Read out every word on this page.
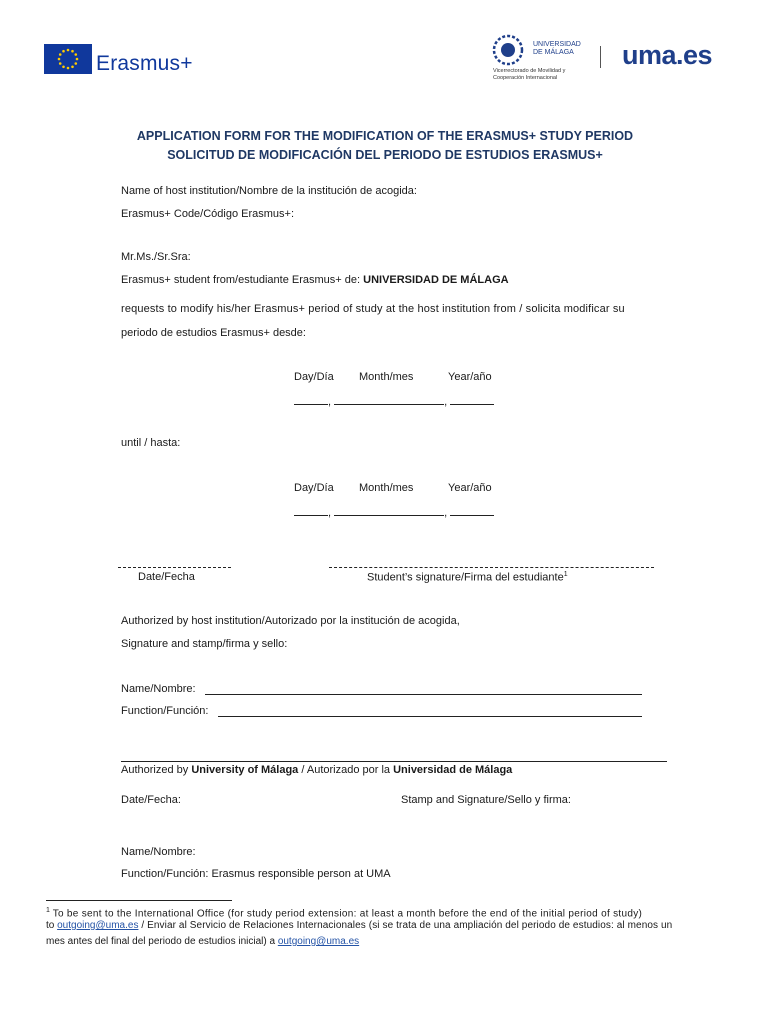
Erasmus+
UNIVERSIDAD DE MÁLAGA
Vicerrectorado de Movilidad y Cooperación Internacional
uma.es
APPLICATION FORM FOR THE MODIFICATION OF THE ERASMUS+ STUDY PERIOD
SOLICITUD DE MODIFICACIÓN DEL PERIODO DE ESTUDIOS ERASMUS+
Name of host institution/Nombre de la institución de acogida:
Erasmus+ Code/Código Erasmus+:
Mr.Ms./Sr.Sra:
Erasmus+ student from/estudiante Erasmus+ de: UNIVERSIDAD DE MÁLAGA
requests to modify his/her Erasmus+ period of study at the host institution from / solicita modificar su
periodo de estudios Erasmus+ desde:
Day/Día Month/mes	Year/año
,	,
until / hasta:
Day/Día Month/mes	Year/año
,	,
Date/Fecha	Student’s signature/Firma del estudiante$^1$
Authorized by host institution/Autorizado por la institución de acogida,
Signature and stamp/firma y sello:
Name/Nombre:
Function/Función:
Authorized by University of Málaga / Autorizado por la Universidad de Málaga
Date/Fecha:	Stamp and Signature/Sello y firma:
Name/Nombre:
Function/Función: Erasmus responsible person at UMA
$^1$ To be sent to the International Office (for study period extension: at least a month before the end of the initial period of study)
to outgoing@uma.es / Enviar al Servicio de Relaciones Internacionales (si se trata de una ampliación del periodo de estudios: al menos un
mes antes del final del periodo de estudios inicial) a outgoing@uma.es
